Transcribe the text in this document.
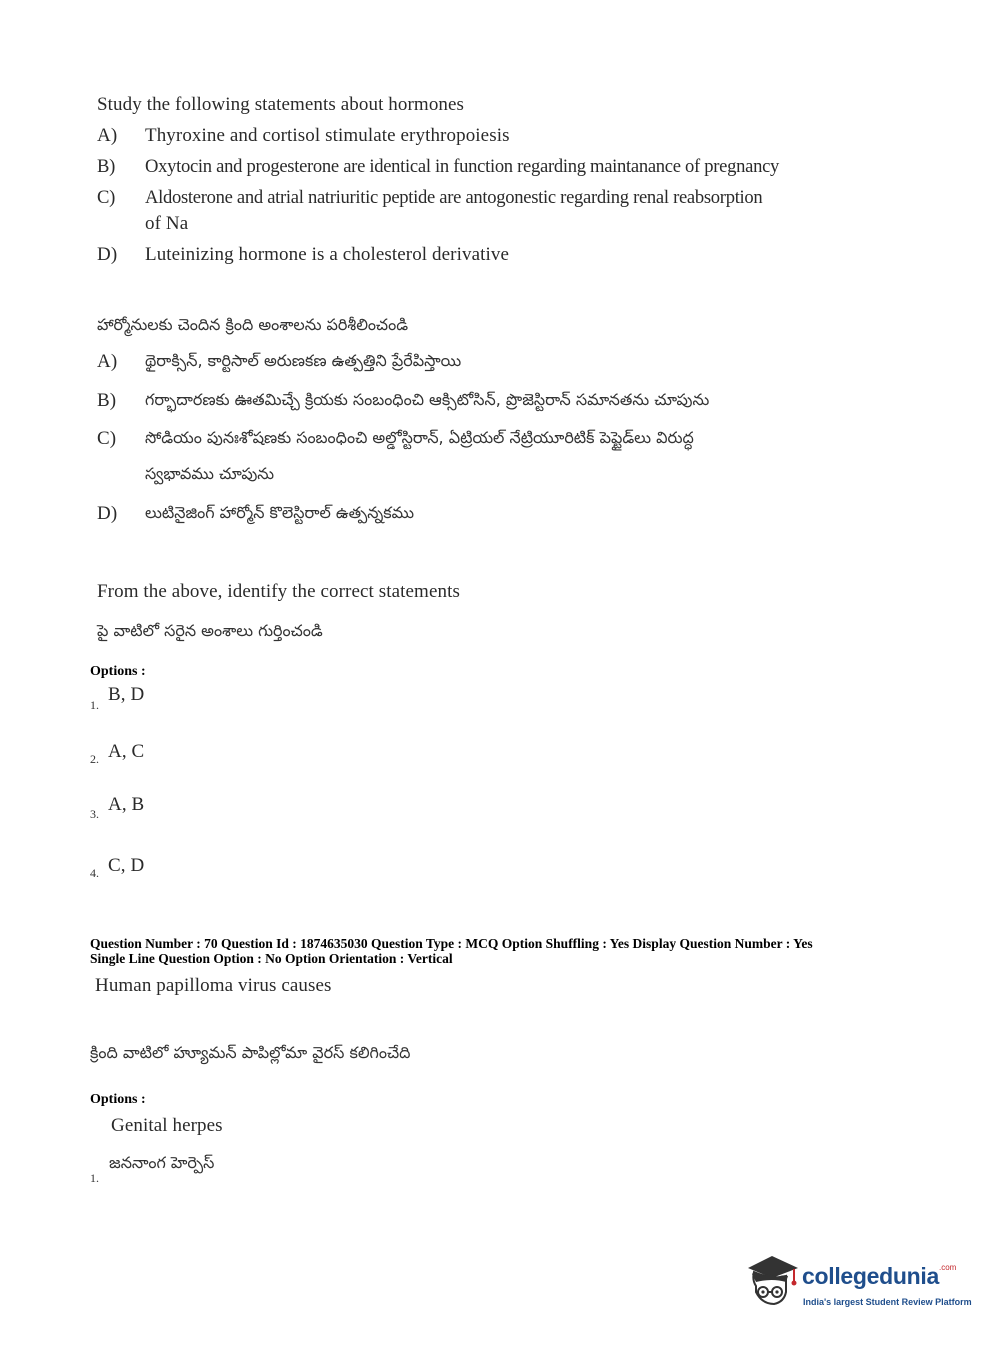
Study the following statements about hormones
A)	Thyroxine and cortisol stimulate erythropoiesis
B)	Oxytocin and progesterone are identical in function regarding maintanance of pregnancy
C)	Aldosterone and atrial natriuritic peptide are antogonestic regarding renal reabsorption
of Na
D)	Luteinizing hormone is a cholesterol derivative
హార్మోనులకు చెందిన క్రింది అంశాలను పరిశీలించండి
A)	థైరాక్సిన్, కార్టిసాల్ అరుణకణ ఉత్పత్తిని ప్రేరేపిస్తాయి
B)	గర్భాదారణకు ఊతమిచ్చే క్రియకు సంబంధించి ఆక్సిటోసిన్, ప్రొజెస్టిరాన్ సమానతను చూపును
C)	సోడియం పునఃశోషణకు సంబంధించి అల్డోస్టిరాన్, ఏట్రియల్ నేట్రియూరిటిక్ పెప్టైడ్‌లు విరుద్ధ
స్వభావము చూపును
D)	లుటినైజింగ్ హార్మోన్ కొలెస్టిరాల్ ఉత్పన్నకము
From the above, identify the correct statements
పై వాటిలో సరైన అంశాలు గుర్తించండి
Options :
1. B, D
2. A, C
3. A, B
4. C, D
Question Number : 70 Question Id : 1874635030 Question Type : MCQ Option Shuffling : Yes Display Question Number : Yes
Single Line Question Option : No Option Orientation : Vertical
Human papilloma virus causes
క్రింది వాటిలో హ్యూమన్ పాపిల్లోమా వైరస్ కలిగించేది
Options :
Genital herpes
జననాంగ హెర్పెస్
1.
collegedunia$^{.com}$
India's largest Student Review Platform
